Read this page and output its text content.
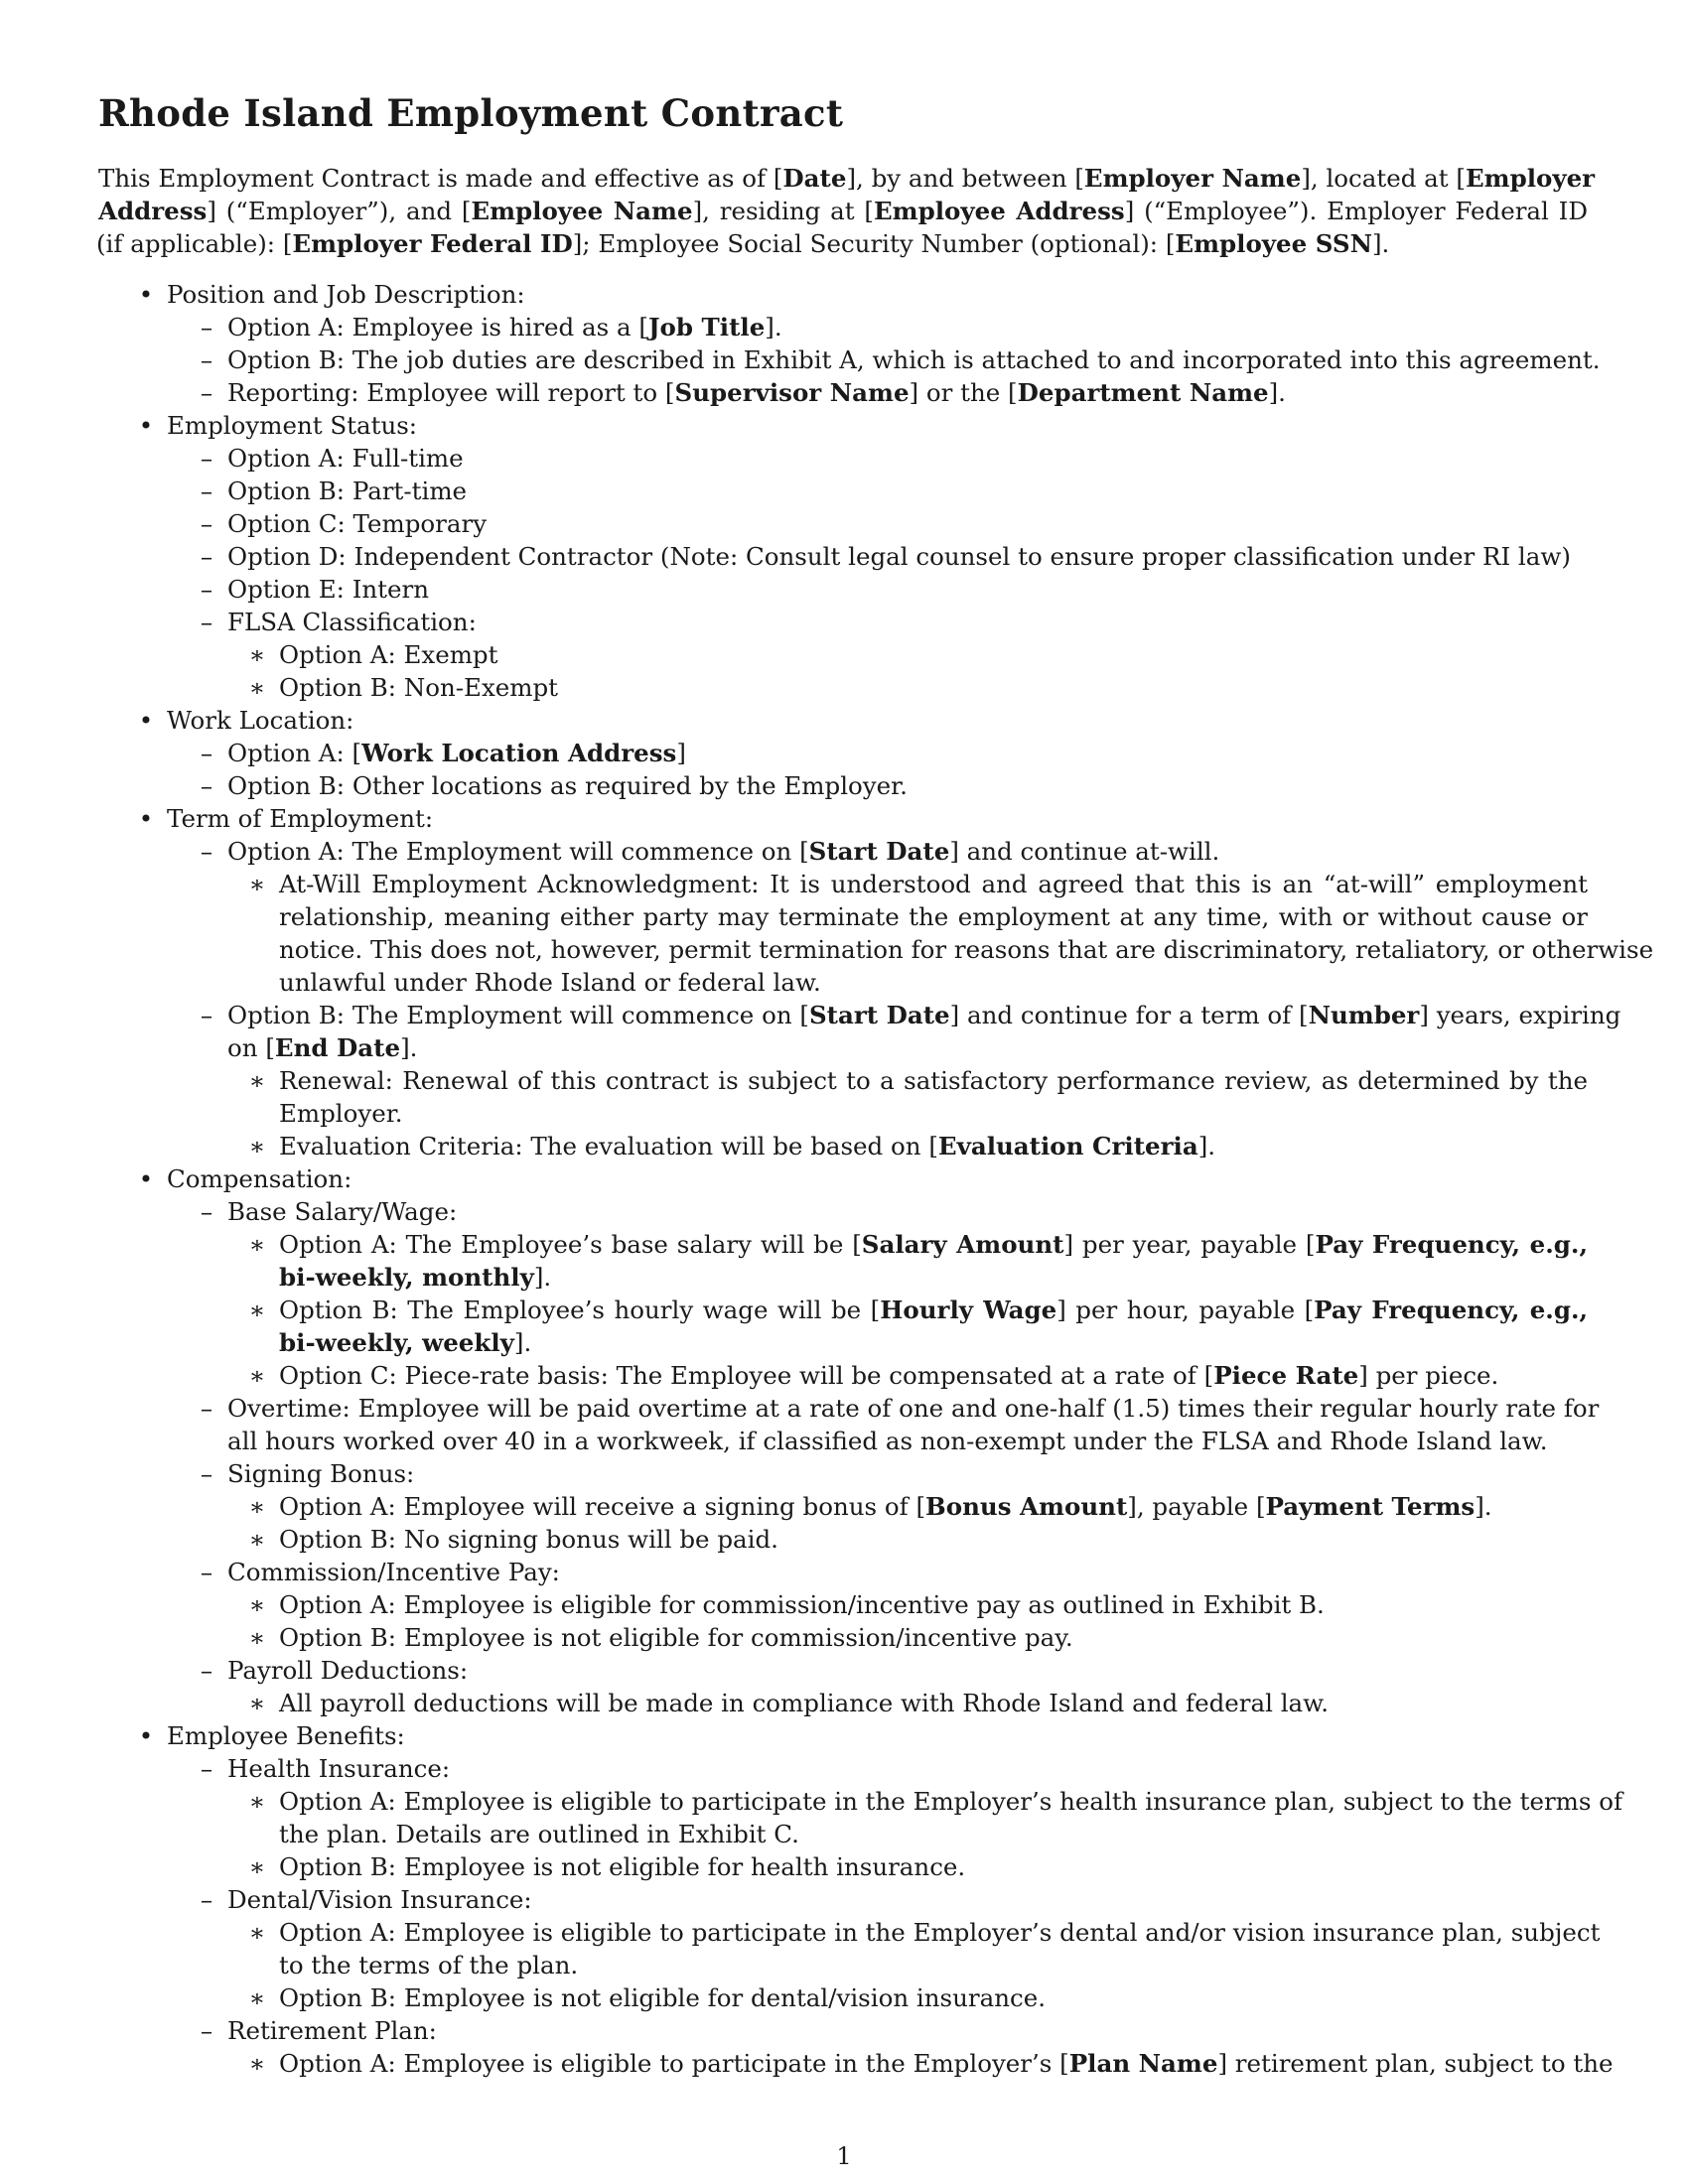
Rhode Island Employment Contract
This Employment Contract is made and effective as of [Date], by and between [Employer Name], located at [Employer
Address] (“Employer”), and [Employee Name], residing at [Employee Address] (“Employee”). Employer Federal ID
(if applicable): [Employer Federal ID]; Employee Social Security Number (optional): [Employee SSN].
• Position and Job Description:
– Option A: Employee is hired as a [Job Title].
– Option B: The job duties are described in Exhibit A, which is attached to and incorporated into this agreement.
– Reporting: Employee will report to [Supervisor Name] or the [Department Name].
• Employment Status:
– Option A: Full-time
– Option B: Part-time
– Option C: Temporary
– Option D: Independent Contractor (Note: Consult legal counsel to ensure proper classification under RI law)
– Option E: Intern
– FLSA Classification:
∗ Option A: Exempt
∗ Option B: Non-Exempt
• Work Location:
– Option A: [Work Location Address]
– Option B: Other locations as required by the Employer.
• Term of Employment:
– Option A: The Employment will commence on [Start Date] and continue at-will.
∗ At-Will Employment Acknowledgment: It is understood and agreed that this is an “at-will” employment
relationship, meaning either party may terminate the employment at any time, with or without cause or
notice. This does not, however, permit termination for reasons that are discriminatory, retaliatory, or otherwise
unlawful under Rhode Island or federal law.
– Option B: The Employment will commence on [Start Date] and continue for a term of [Number] years, expiring
on [End Date].
∗ Renewal: Renewal of this contract is subject to a satisfactory performance review, as determined by the
Employer.
∗ Evaluation Criteria: The evaluation will be based on [Evaluation Criteria].
• Compensation:
– Base Salary/Wage:
∗ Option A: The Employee’s base salary will be [Salary Amount] per year, payable [Pay Frequency, e.g.,
bi-weekly, monthly].
∗ Option B: The Employee’s hourly wage will be [Hourly Wage] per hour, payable [Pay Frequency, e.g.,
bi-weekly, weekly].
∗ Option C: Piece-rate basis: The Employee will be compensated at a rate of [Piece Rate] per piece.
– Overtime: Employee will be paid overtime at a rate of one and one-half (1.5) times their regular hourly rate for
all hours worked over 40 in a workweek, if classified as non-exempt under the FLSA and Rhode Island law.
– Signing Bonus:
∗ Option A: Employee will receive a signing bonus of [Bonus Amount], payable [Payment Terms].
∗ Option B: No signing bonus will be paid.
– Commission/Incentive Pay:
∗ Option A: Employee is eligible for commission/incentive pay as outlined in Exhibit B.
∗ Option B: Employee is not eligible for commission/incentive pay.
– Payroll Deductions:
∗ All payroll deductions will be made in compliance with Rhode Island and federal law.
• Employee Benefits:
– Health Insurance:
∗ Option A: Employee is eligible to participate in the Employer’s health insurance plan, subject to the terms of
the plan. Details are outlined in Exhibit C.
∗ Option B: Employee is not eligible for health insurance.
– Dental/Vision Insurance:
∗ Option A: Employee is eligible to participate in the Employer’s dental and/or vision insurance plan, subject
to the terms of the plan.
∗ Option B: Employee is not eligible for dental/vision insurance.
– Retirement Plan:
∗ Option A: Employee is eligible to participate in the Employer’s [Plan Name] retirement plan, subject to the
1
